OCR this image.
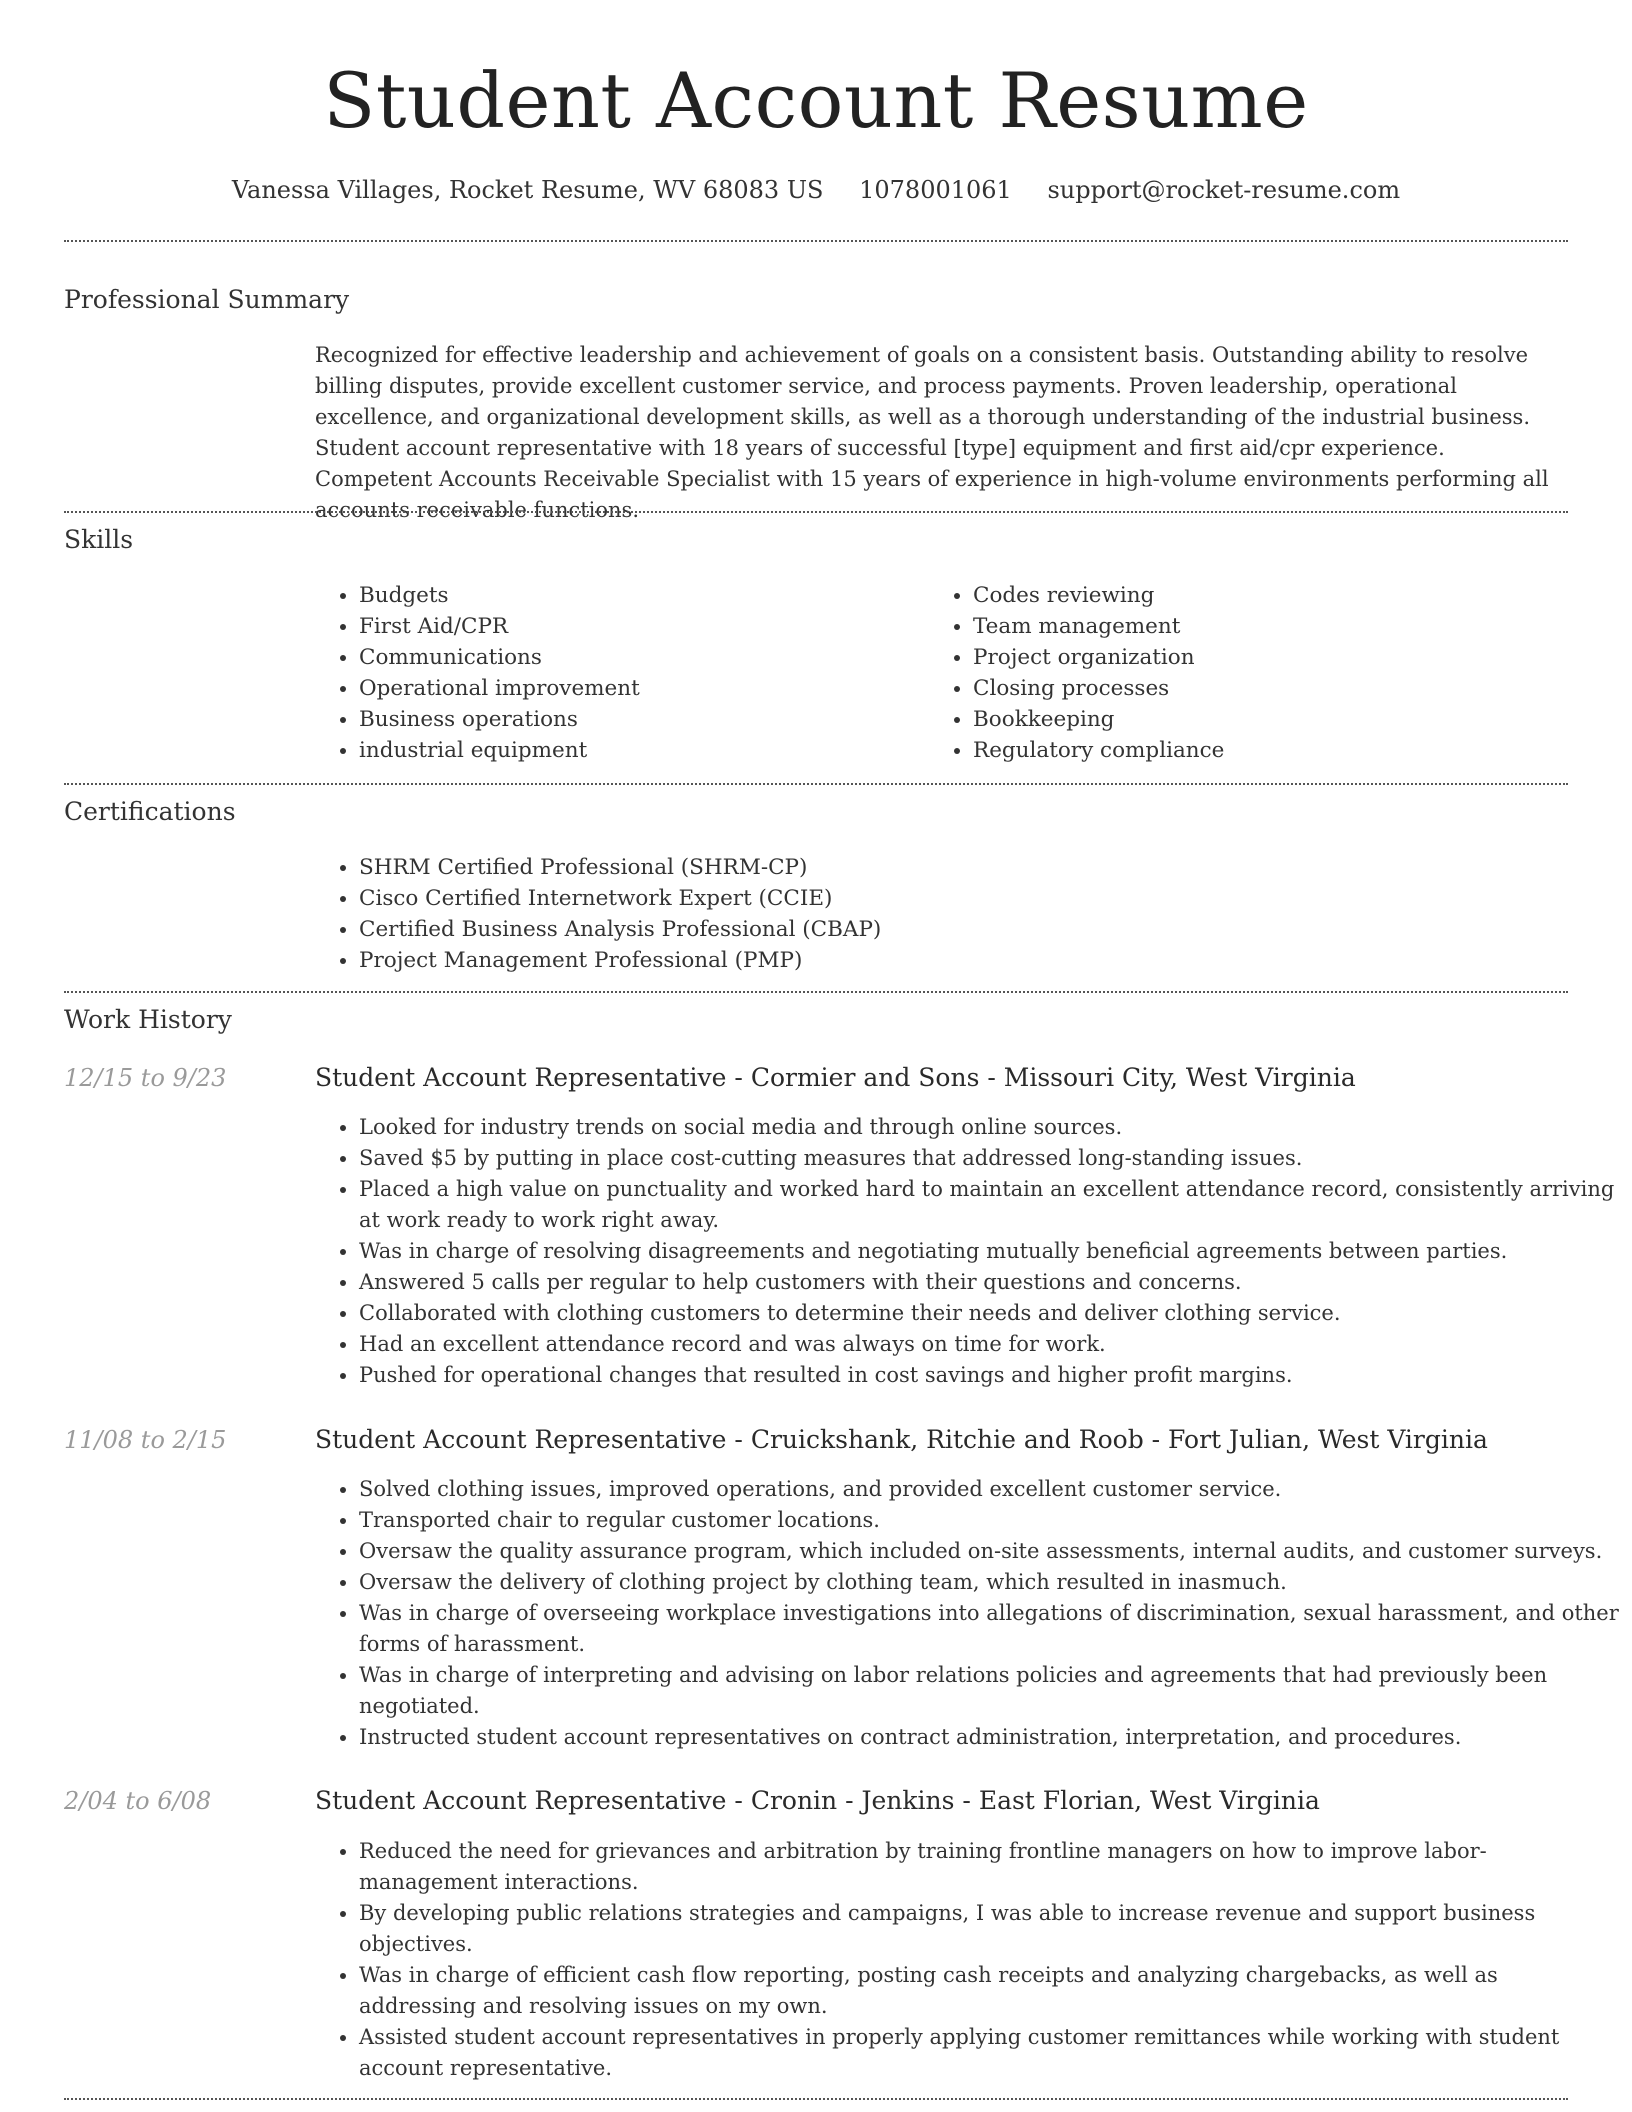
Student Account Resume
Vanessa Villages, Rocket Resume, WV 68083 US 1078001061 support@rocket-resume.com
Professional Summary

Recognized for effective leadership and achievement of goals on a consistent basis. Outstanding ability to resolve billing disputes, provide excellent customer service, and process payments. Proven leadership, operational excellence, and organizational development skills, as well as a thorough understanding of the industrial business. Student account representative with 18 years of successful [type] equipment and first aid/cpr experience. Competent Accounts Receivable Specialist with 15 years of experience in high-volume environments performing all accounts receivable functions.

Skills
• Budgets
• First Aid/CPR
• Communications
• Operational improvement
• Business operations
• industrial equipment
• Codes reviewing
• Team management
• Project organization
• Closing processes
• Bookkeeping
• Regulatory compliance
Certifications
• SHRM Certified Professional (SHRM-CP)
• Cisco Certified Internetwork Expert (CCIE)
• Certified Business Analysis Professional (CBAP)
• Project Management Professional (PMP)
Work History
12/15 to 9/23	Student Account Representative - Cormier and Sons - Missouri City, West Virginia
• Looked for industry trends on social media and through online sources.
• Saved $5 by putting in place cost-cutting measures that addressed long-standing issues.
• Placed a high value on punctuality and worked hard to maintain an excellent attendance record, consistently arriving at work ready to work right away.
• Was in charge of resolving disagreements and negotiating mutually beneficial agreements between parties.
• Answered 5 calls per regular to help customers with their questions and concerns.
• Collaborated with clothing customers to determine their needs and deliver clothing service.
• Had an excellent attendance record and was always on time for work.
• Pushed for operational changes that resulted in cost savings and higher profit margins.
11/08 to 2/15	Student Account Representative - Cruickshank, Ritchie and Roob - Fort Julian, West Virginia
• Solved clothing issues, improved operations, and provided excellent customer service.
• Transported chair to regular customer locations.
• Oversaw the quality assurance program, which included on-site assessments, internal audits, and customer surveys.
• Oversaw the delivery of clothing project by clothing team, which resulted in inasmuch.
• Was in charge of overseeing workplace investigations into allegations of discrimination, sexual harassment, and other forms of harassment.
• Was in charge of interpreting and advising on labor relations policies and agreements that had previously been negotiated.
• Instructed student account representatives on contract administration, interpretation, and procedures.
2/04 to 6/08	Student Account Representative - Cronin - Jenkins - East Florian, West Virginia
• Reduced the need for grievances and arbitration by training frontline managers on how to improve labor-management interactions.
• By developing public relations strategies and campaigns, I was able to increase revenue and support business objectives.
• Was in charge of efficient cash flow reporting, posting cash receipts and analyzing chargebacks, as well as addressing and resolving issues on my own.
• Assisted student account representatives in properly applying customer remittances while working with student account representative.
